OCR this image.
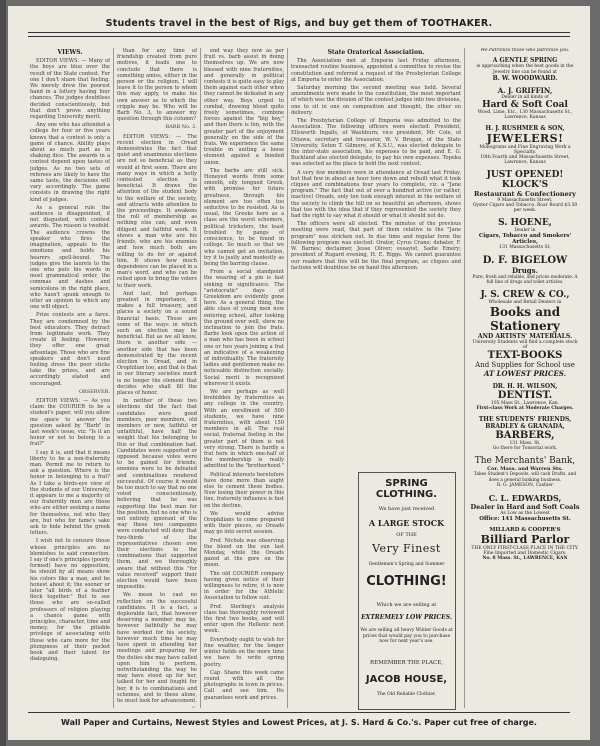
Students travel in the best of Rigs, and buy get them of TOOTHAKER.
VIEWS.

EDITOR VIEWS: — Many of the boys are blue over the result of the State contest. For one I don't share that feeling. We merely drew the poorest hand in a lottery having four chances. The judges doubtless decided conscientiously, but that don't prove anything regarding University merit.

Any one who has attended a college for four or five years knows that a contest is only a game of chance. Ability plays about as much part as in shaking dice. The awards in a contest depend upon tastes of judges. As no two sets of referees are likely to have the same taste, the decisions will vary accordingly. The game consists in drawing the right kind of judges.

As a general rule the audience is disappointed, if not disgusted, with contest awards. The reason is twofold. The audience crowns the speaker who fires the imagination, appeals to the emotions and holds his hearers spell-bound. The judges give the laurels to the one who puts his words in most grammatical order, the commas and dashes and semicolons in the right place, who hasn't spunk enough to utter an opinion to which any one will object.

Prize contests are a farce. They are condemned by the best educators. They detract from legitimate work. They create ill feeling. However, they offer one great advantage. Those who are fine speakers and don't need fooling dress the poor sticks take the prizes, and are accordingly elated and encouraged.

OBSERVER.

EDITOR VIEWS: — As you claim the COURIER to be a student's paper, will you allow me space to answer the question asked by "Barb" in last week's issue, viz: "Is it an honor or not to belong to a frat?"

I say it is, and that it means liberty to be a non-fraternity man. Permit me to return to ask a question. Where is the honor in belonging to a frat? As I take a birds-eye view of the students of our University, it appears to me a majority of our fraternity men are those who are either seeking a name for themselves, not who they are, but who for fame's sake ask to hide behind the greek letters.

I wish not to censure those whose principles are no blemishes to said connection. I say if one's principles (poorly formed) have no opposition, he should by all means show his colors like a man, and be honest about it; the sooner or later "all birds of a feather flock together." But to see those who are so-called professors of religion playing a chance game with principles, character, time and money, for the pitiable privilege of associating with those who care more for the plumpness of their pocket book and their talent for dialoguing.

than for any time of friendship created from pure motives, it leads one to conclude that there is something amiss, either in the person or the religion. I will leave it to the person to whom this may apply, to make his own answer as to which the cripple may be. Who will be Barb No. 3, to answer my question through this column?

BARB No. 2.

EDITOR VIEWS: — The recent election in Oread demonstrates the fact that quiet and unanimous elections are not so beneficial as they would at first seem. There are many ways in which a hotly contested election is beneficial. It draws the attention of the student body to the welfare of the society, and attracts wide attention to the proceedings. It awakens the roll of membership as nothing else can, and even diligent and faithful work. It shows a man who are his friends, who are his enemies and how much both are willing to do for or against him. It shows how much dependence can be placed in a man's word, and who can be relied upon to bring the voters to their work.

And last, but perhaps greatest in importance, it makes a full treasury, and places a society on a sound financial basis. These are some of the ways in which such an election may be beneficial. But as we all know, there is another side — another side that has been demonstrated by the recent election in Oread, and in Orophilian too, and that is that in our literary societies merit is no longer the element that decides who shall fill the places of honor.

In neither of these two elections did the fact that candidates were good members, poor members, old members or new, faithful or unfaithful, have half the weight that his belonging to this or that combination had. Candidates were supported or opposed because votes were to be gained for friends; enemies were to be defeated and combinations rendered successful. Of course it would be too much to say that no one voted conscientiously, believing that he was supporting the best man for the position, but no one who is not entirely ignorant of the way these two campaigns were conducted will deny that two-thirds of the representatives chosen owe their elections to the combinations that supported them, and we thoroughly aware that without this "for value received" support their election would have been impossible.

We mean to cast no reflection on the successful candidates. It is a fact, a deplorable fact, that however deserving a member may be, however faithfully he may have worked for his society, however much time he may have spent in attending her meetings and preparing for the duties she may have called upon him to perform, notwithstanding the way he may have stood up for her, talked for her and fought for her, it is to combinations and schemes, and to these alone, he must look for advancement.

end way they now as per fruit vs. barb assist in doing themselves up. We are now blessed with nine fraternities, and generally in political contests it is quite easy to play them against each other when they cannot be defeated in any other way. Boys urged to combat, drawing blood quite freely sometimes, combine forces against the "big boy," and then there is fun, with the greater part of the enjoyment generally on the side of the frats. We experience the same trouble in uniting a loose element against a bonded union.

The barbs are still sick. Honeyed words from some smooth, oily tongued Greek, with promise for future greatness, through his element are too often too seductive to be resisted. As is usual, the Greeks here as a class are the worst schemers, political tricksters, the least troubled by pangs of conscience, to be found in college. So much so that we who cannot get an invitation, try it to justly and modestly as being the barring clause.

From a social standpoint the wearing of a pin is fast sinking in significance. The "aristocratic" days of Greekdom are evidently gone here. As a general thing, the able class of young men now entering school, after looking the ground over well, show no inclination to join the frats. Barbs look upon the action of a man who has been in school one or two years joining a frat an indicative of a weakening of individuality. The fraternity ladies and gentlemen make no noticeable distinction socially. Social merit is recognized wherever it exists.

We are perhaps as well brebidden by fraternities as any college in the country. With an enrollment of 500 students, we have nine fraternities, with about 150 members in all. The real social, fraternal feeling in the greater part of them is not very strong. There is hardly a frat here in which one-half of the membership is really admitted to the "brotherhood."

Political interests heretofore have done more than aught else to cement these bodies. Now losing their power in this line, fraternity influence is fast on the decline.

We would advise Orophilians to come prepared with their pieces, so Oreads may go into secret session.

Prof. Nichols was observing the blood on the sun last Monday, while the Oreads gazed at the gore on the moon.

The old COURIER company having given notice of their willingness to retire, it is now in order for the Athletic Association to follow suit.

Prof. Sterling's analysis class has thoroughly reviewed the first two books, and will enter upon the Hellenic next week.

Everybody ought to wish for fine weather, for the longer winter holds on the more time we have to write spring poetry.

Cap. Shane this week came round with all the photographs in town in prices. Call and see him. He guarantees work and prices.

State Oratorical Association.

The Association met at Emporia last Friday afternoon, transacted routine business, appointed a committee to revise the constitution and referred a request of the Presbyterian College at Emporia to enter the Association.

Saturday morning the second meeting was held. Several amendments were made to the constitution, the most important of which was the division of the contest judges into two divisions, one to sit in one on composition and thought, the other on delivery.

The Presbyterian College of Emporia was admitted to the Association. The following officers were elected: President, Ellsworth Ingalls, of Washburn; vice president, Mr. Cole, of Ottawa; secretary and treasurer, W. V. Brogan, of the State University. Seton T. Gilmore, of K.S.U., was elected delegate to the inter-state association, his expenses to be paid, and E. G. Buckland also elected delegate, to pay his own expenses. Topeka was selected as the place to hold the next contest.

A very few members were in attendance at Oread last Friday, but that few in about an hour tore down and rebuilt what it took cliques and combinations four years to complete, viz. a "Jane program." The fact that out of over a hundred active (or rather, inactive) Oreads, only ten took enough interest in the welfare of the society to climb the hill on so beautiful an afternoon, shows that too with the idea that if they represented the society they had the right to say what it should or what it should not do.

The officers were all elected. The minutes of the previous meeting were read, that part of them relative to the "Jane program" was stricken out. In due time and regular form the following program was elected: Orator, Cyrus Crane; debater, F. W. Barnes; declaimer, Jesse Oliver; essayist, Sadie Emery; president of Rugard evening, H. E. Riggs. We cannot guarantee our readers that this will be the final program, as cliques and factions will doubtless be on hand this afternoon.

SPRING CLOTHING.
We have just received
A LARGE STOCK
OF THE
Very Finest
Gentlemen's Spring and Summer
CLOTHING!
Which we are selling at
EXTREMELY LOW PRICES.
We are selling all heavy Winter Goods at prices that would pay you to purchase now for next year's use.
REMEMBER THE PLACE,
JACOB HOUSE,
The Old Reliable Clothier.
We Patronize those who patronize you.
A GENTLE SPRING
is approaching when the best goods in the Jewelry line can be found at
B. W. WOODWARD.
A. J. GRIFFIN,
Dealer in all kinds of
Hard & Soft Coal
Wood, Lime, Etc., 130 Massachusetts St., Lawrence, Kansas
H. J. RUSHMER & SON,
JEWELERS!
Monograms and Fine Engraving Work a Specialty.
10th Fourth and Massachusetts Street, Lawrence, Kansas
JUST OPENED!
KLOCK'S
Restaurant & Confectionery
9 Massachusetts Street.
Oyster Cigars and Tobacco. Boar Board $3.50 per week.
S. HOENE,
Dealer in
Cigars, Tobacco and Smokers' Articles,
131 Massachusetts St.
D. F. BIGELOW
Drugs.
Pure, fresh and reliable, and prices moderate. A full line of drugs and toilet articles.
J. S. CREW & CO.,
Wholesale and Retail Dealers in
Books and Stationery
AND ARTISTS' MATERIALS.
University Students will find a complete stock of
TEXT-BOOKS
And Supplies for School use
AT LOWEST PRICES.
DR. H. H. WILSON,
DENTIST.
105 Mass St., Lawrence, Kan.
First-class Work at Moderate Charges.
THE STUDENTS' FRIENDS,
BRADLEY & GRANADA,
BARBERS,
131 Mass. St.
Go there for Tonsorial work.
The Merchants' Bank,
Cor. Mass. and Warren Sts.
Takes Student's Deposits, will cash Drafts, and does a general banking business.
R. G. JAMESON, Cashier
C. L. EDWARDS,
Dealer in Hard and Soft Coals
As Low as the Lowest
Office: 141 Massachusetts St.
MILLARD & COOPER'S
Billiard Parlor
THE ONLY FIRST-CLASS PLACE IN THE CITY.
Fine Imported and Domestic Cigars.
No. 8 Mass. St., LAWRENCE, KAN
Wall Paper and Curtains, Newest Styles and Lowest Prices, at J. S. Hard & Co.'s. Paper cut free of charge.
